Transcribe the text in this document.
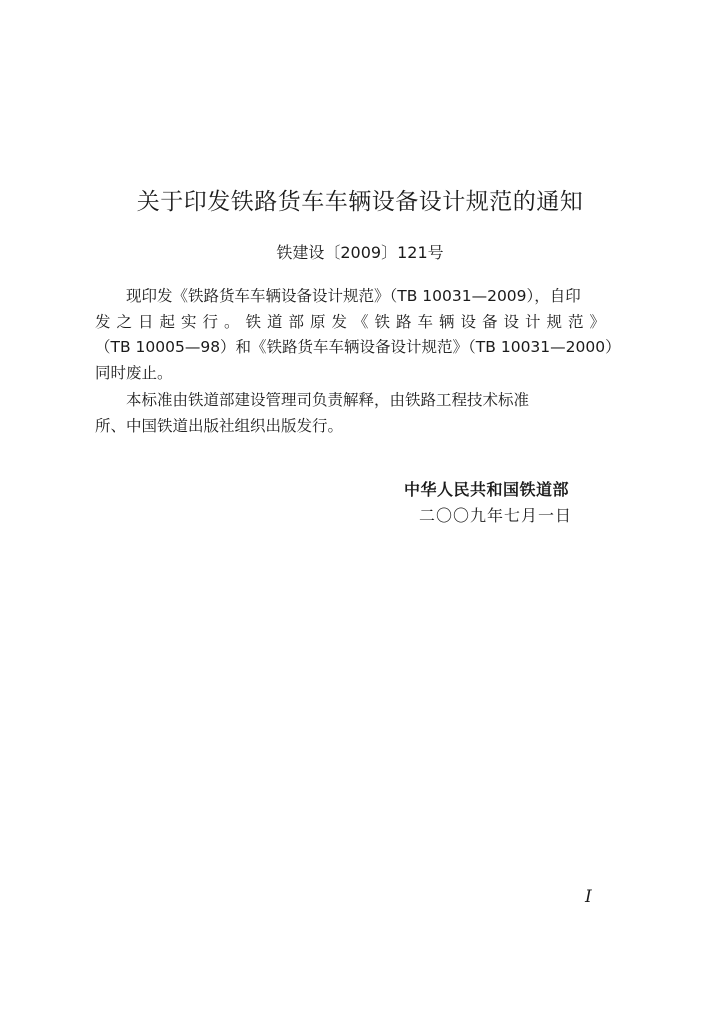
关于印发铁路货车车辆设备设计规范的通知
铁建设〔2009〕121号
现印发《铁路货车车辆设备设计规范》（TB 10031—2009），自印
发之日起实行。铁道部原发《铁路车辆设备设计规范》
（TB 10005—98）和《铁路货车车辆设备设计规范》（TB 10031—2000）
同时废止。
本标准由铁道部建设管理司负责解释，由铁路工程技术标准
所、中国铁道出版社组织出版发行。
中华人民共和国铁道部
二〇〇九年七月一日
I
